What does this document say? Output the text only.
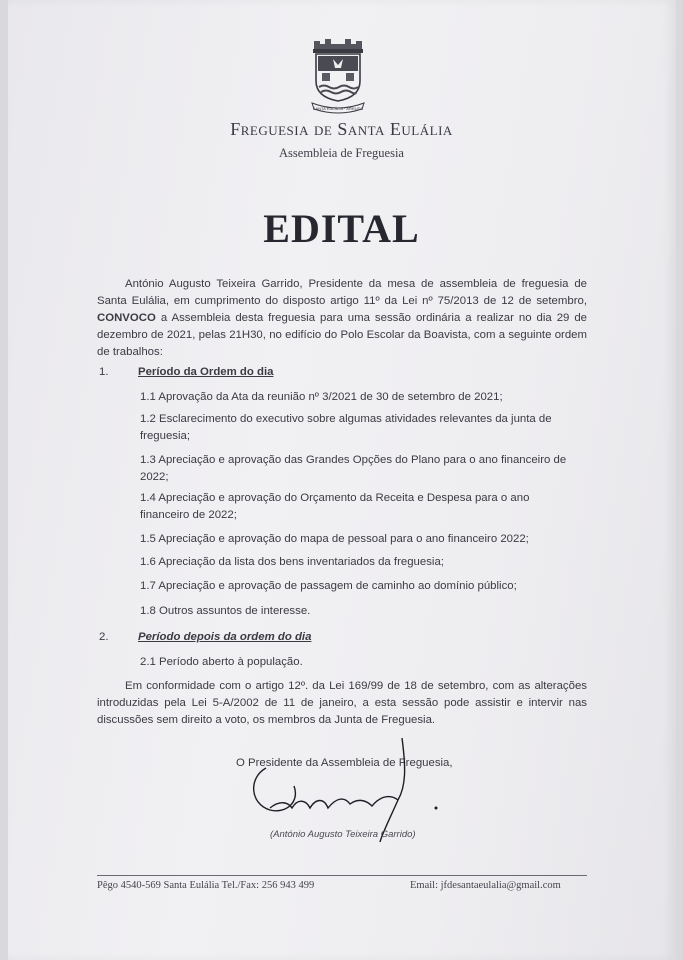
SANTA EULÁLIA · ARRUDA
Freguesia de Santa Eulália
Assembleia de Freguesia
EDITAL

António Augusto Teixeira Garrido, Presidente da mesa de assembleia de freguesia de Santa Eulália, em cumprimento do disposto artigo 11º da Lei nº 75/2013 de 12 de setembro, CONVOCO a Assembleia desta freguesia para uma sessão ordinária a realizar no dia 29 de dezembro de 2021, pelas 21H30, no edifício do Polo Escolar da Boavista, com a seguinte ordem de trabalhos:

1.	Período da Ordem do dia
1.1 Aprovação da Ata da reunião nº 3/2021 de 30 de setembro de 2021;
1.2 Esclarecimento do executivo sobre algumas atividades relevantes da junta de freguesia;
1.3 Apreciação e aprovação das Grandes Opções do Plano para o ano financeiro de 2022;
1.4 Apreciação e aprovação do Orçamento da Receita e Despesa para o ano financeiro de 2022;
1.5 Apreciação e aprovação do mapa de pessoal para o ano financeiro 2022;
1.6 Apreciação da lista dos bens inventariados da freguesia;
1.7 Apreciação e aprovação de passagem de caminho ao domínio público;
1.8 Outros assuntos de interesse.
2.	Período depois da ordem do dia
2.1 Período aberto à população.

Em conformidade com o artigo 12º. da Lei 169/99 de 18 de setembro, com as alterações introduzidas pela Lei 5-A/2002 de 11 de janeiro, a esta sessão pode assistir e intervir nas discussões sem direito a voto, os membros da Junta de Freguesia.

O Presidente da Assembleia de Freguesia,
(António Augusto Teixeira Garrido)
Pêgo 4540-569 Santa Eulália Tel./Fax: 256 943 499	Email: jfdesantaeulalia@gmail.com
